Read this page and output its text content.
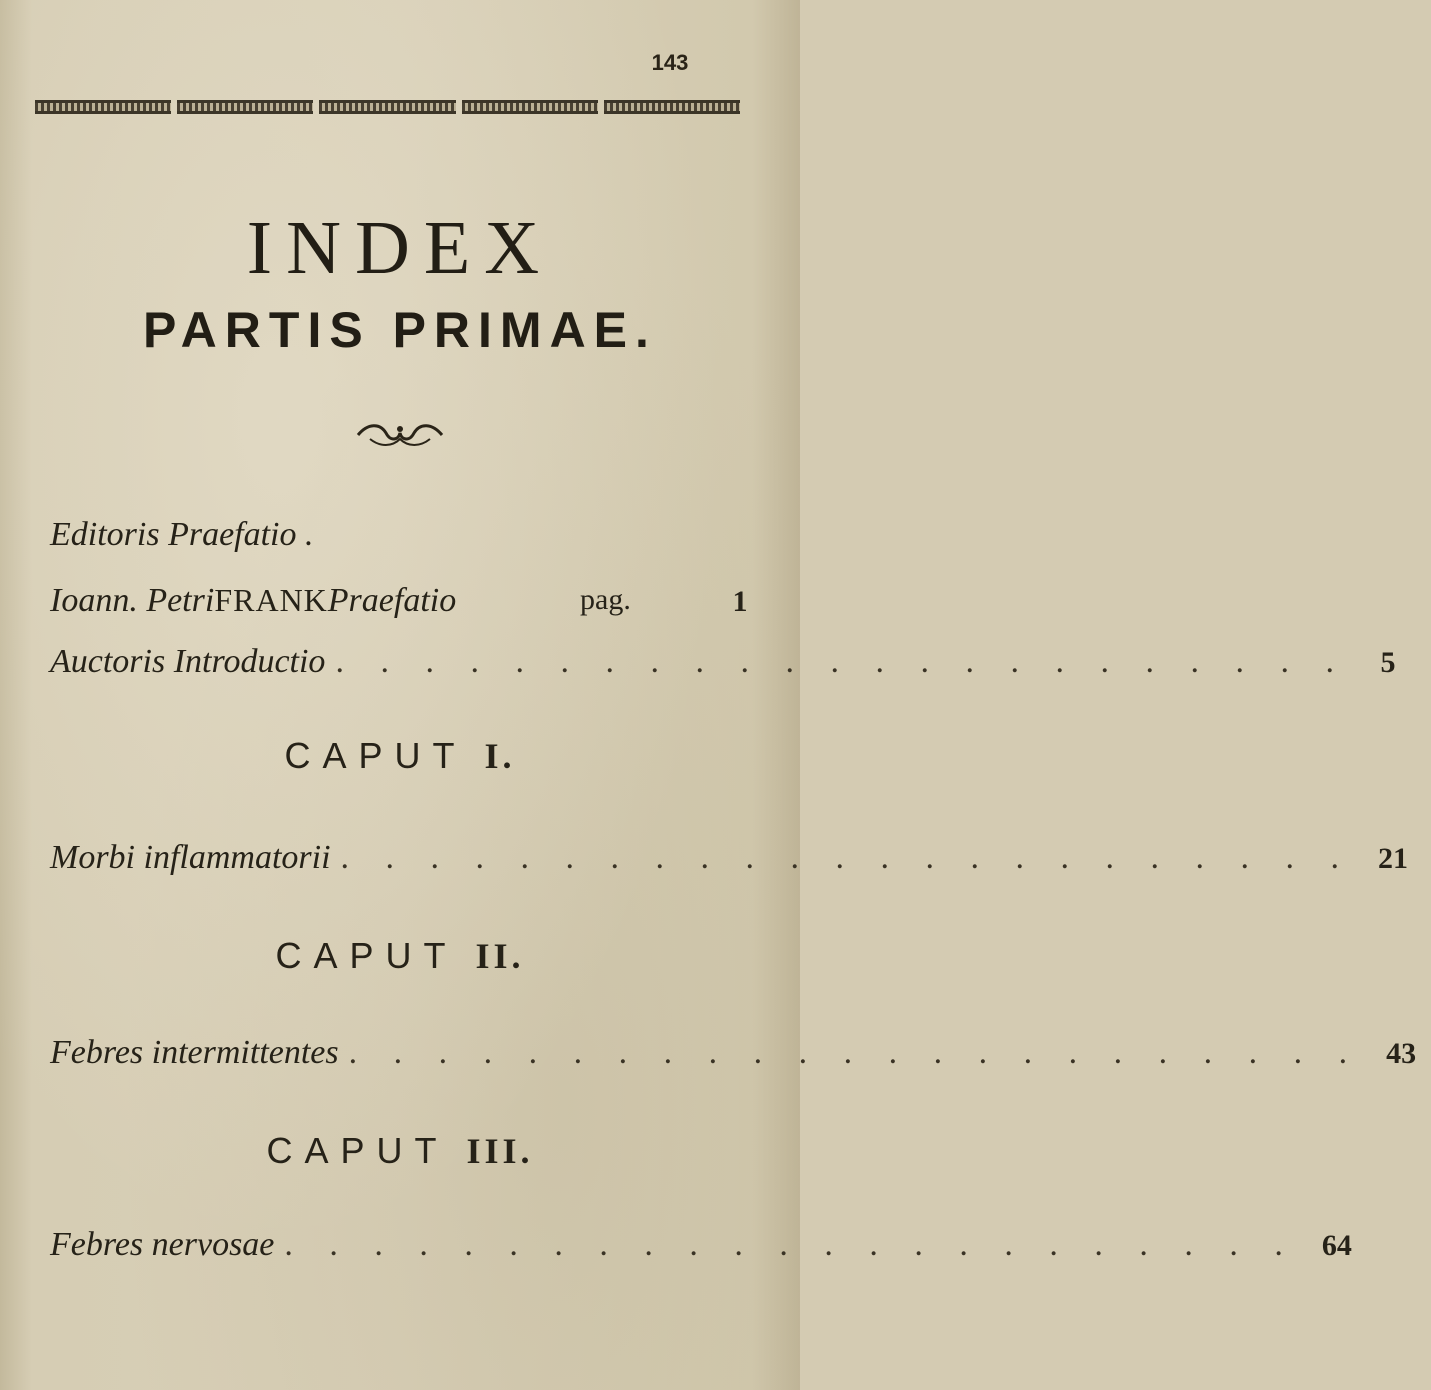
143
INDEX
PARTIS PRIMAE.
Editoris Praefatio .
Ioann. Petri FRANK Praefatio	pag.	1
Auctoris Introductio . . . . . . . . . . . . . . . . . . . . . . .	5
CAPUT I.
Morbi inflammatorii . . . . . . . . . . . . . . . . . . . . . . . 21
CAPUT II.
Febres intermittentes . . . . . . . . . . . . . . . . . . . . . . . 43
CAPUT III.
Febres nervosae . . . . . . . . . . . . . . . . . . . . . . . 64
